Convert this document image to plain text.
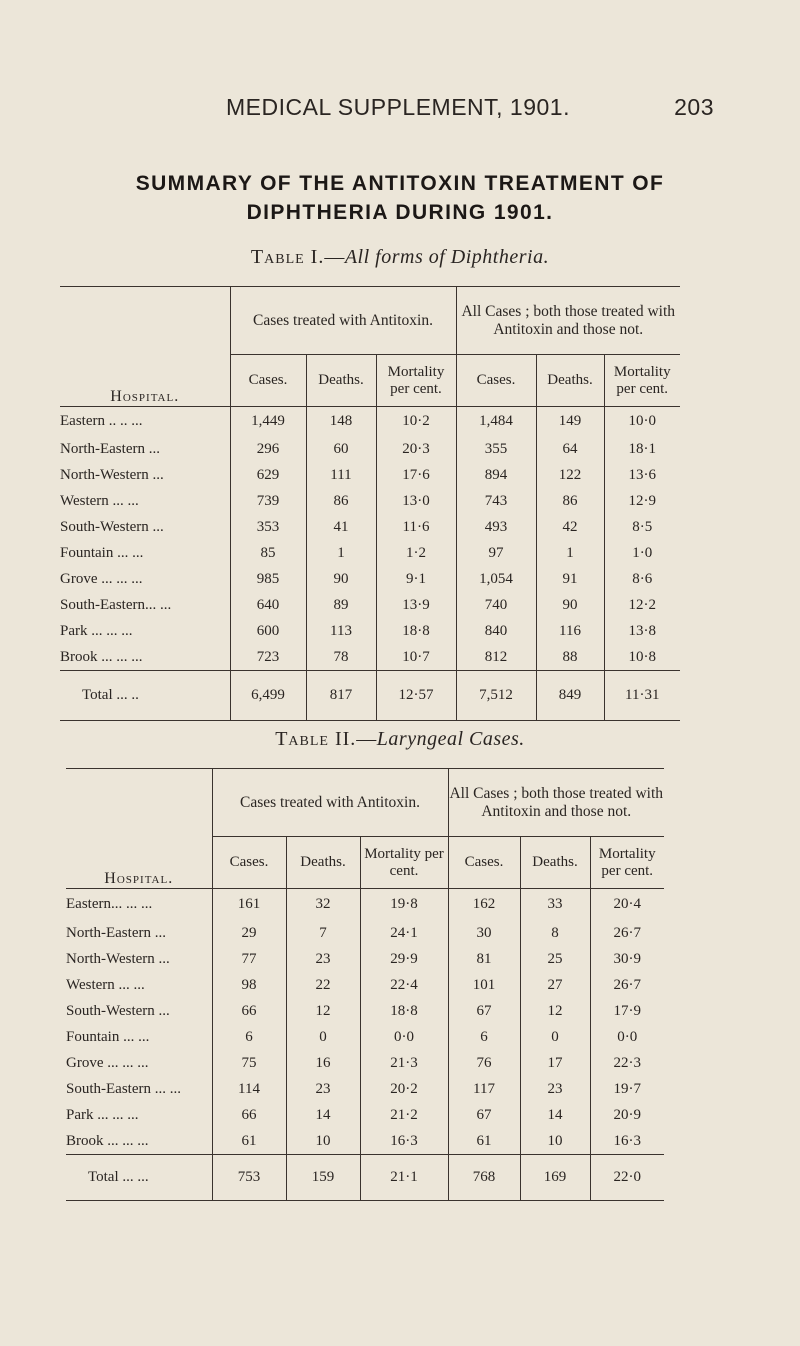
MEDICAL SUPPLEMENT, 1901.	203
SUMMARY OF THE ANTITOXIN TREATMENT OF
DIPHTHERIA DURING 1901.
Table I.—All forms of Diphtheria.
Hospital.	Cases treated with Antitoxin.			All Cases ; both those treated with Antitoxin and those not.		
	Cases.	Deaths.	Mortality per cent.	Cases.	Deaths.	Mortality per cent.
Eastern .. .. ...	1,449	148	10·2	1,484	149	10·0
North-Eastern ...	296	60	20·3	355	64	18·1
North-Western ...	629	111	17·6	894	122	13·6
Western ... ...	739	86	13·0	743	86	12·9
South-Western ...	353	41	11·6	493	42	8·5
Fountain ... ...	85	1	1·2	97	1	1·0
Grove ... ... ...	985	90	9·1	1,054	91	8·6
South-Eastern... ...	640	89	13·9	740	90	12·2
Park ... ... ...	600	113	18·8	840	116	13·8
Brook ... ... ...	723	78	10·7	812	88	10·8
Total ... ..	6,499	817	12·57	7,512	849	11·31
Table II.—Laryngeal Cases.
Hospital.	Cases treated with Antitoxin.			All Cases ; both those treated with Antitoxin and those not.		
	Cases.	Deaths.	Mortality per cent.	Cases.	Deaths.	Mortality per cent.
Eastern... ... ...	161	32	19·8	162	33	20·4
North-Eastern ...	29	7	24·1	30	8	26·7
North-Western ...	77	23	29·9	81	25	30·9
Western ... ...	98	22	22·4	101	27	26·7
South-Western ...	66	12	18·8	67	12	17·9
Fountain ... ...	6	0	0·0	6	0	0·0
Grove ... ... ...	75	16	21·3	76	17	22·3
South-Eastern ... ...	114	23	20·2	117	23	19·7
Park ... ... ...	66	14	21·2	67	14	20·9
Brook ... ... ...	61	10	16·3	61	10	16·3
Total ... ...	753	159	21·1	768	169	22·0
